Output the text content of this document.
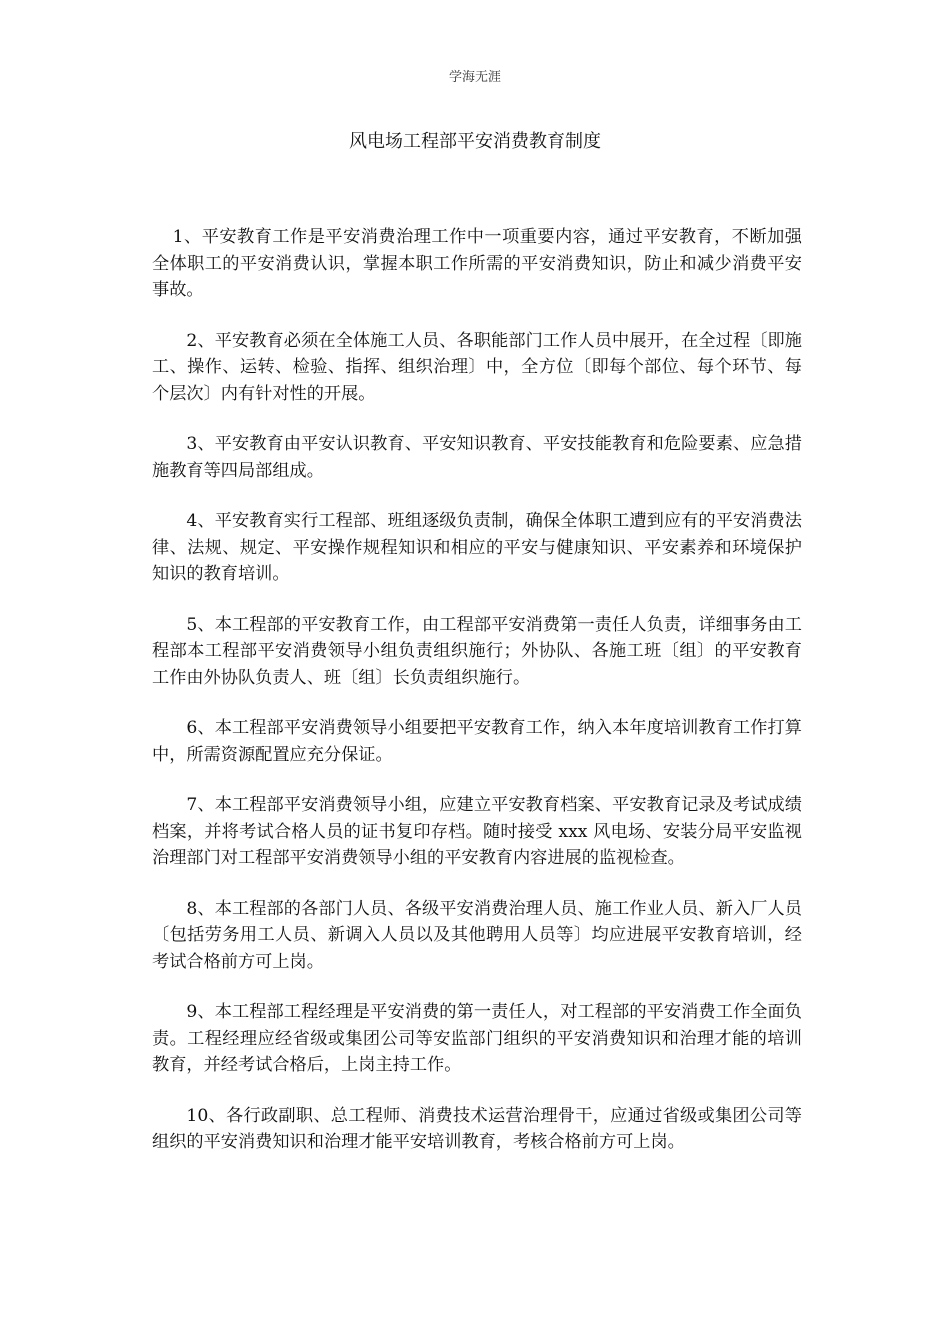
学海无涯
风电场工程部平安消费教育制度

1、平安教育工作是平安消费治理工作中一项重要内容，通过平安教育，不断加强全体职工的平安消费认识，掌握本职工作所需的平安消费知识，防止和减少消费平安事故。

2、平安教育必须在全体施工人员、各职能部门工作人员中展开，在全过程〔即施工、操作、运转、检验、指挥、组织治理〕中，全方位〔即每个部位、每个环节、每个层次〕内有针对性的开展。

3、平安教育由平安认识教育、平安知识教育、平安技能教育和危险要素、应急措施教育等四局部组成。

4、平安教育实行工程部、班组逐级负责制，确保全体职工遭到应有的平安消费法律、法规、规定、平安操作规程知识和相应的平安与健康知识、平安素养和环境保护知识的教育培训。

5、本工程部的平安教育工作，由工程部平安消费第一责任人负责，详细事务由工程部本工程部平安消费领导小组负责组织施行；外协队、各施工班〔组〕的平安教育工作由外协队负责人、班〔组〕长负责组织施行。

6、本工程部平安消费领导小组要把平安教育工作，纳入本年度培训教育工作打算中，所需资源配置应充分保证。

7、本工程部平安消费领导小组，应建立平安教育档案、平安教育记录及考试成绩档案，并将考试合格人员的证书复印存档。随时接受 xxx 风电场、安装分局平安监视治理部门对工程部平安消费领导小组的平安教育内容进展的监视检查。

8、本工程部的各部门人员、各级平安消费治理人员、施工作业人员、新入厂人员〔包括劳务用工人员、新调入人员以及其他聘用人员等〕均应进展平安教育培训，经考试合格前方可上岗。

9、本工程部工程经理是平安消费的第一责任人，对工程部的平安消费工作全面负责。工程经理应经省级或集团公司等安监部门组织的平安消费知识和治理才能的培训教育，并经考试合格后，上岗主持工作。

10、各行政副职、总工程师、消费技术运营治理骨干，应通过省级或集团公司等组织的平安消费知识和治理才能平安培训教育，考核合格前方可上岗。
